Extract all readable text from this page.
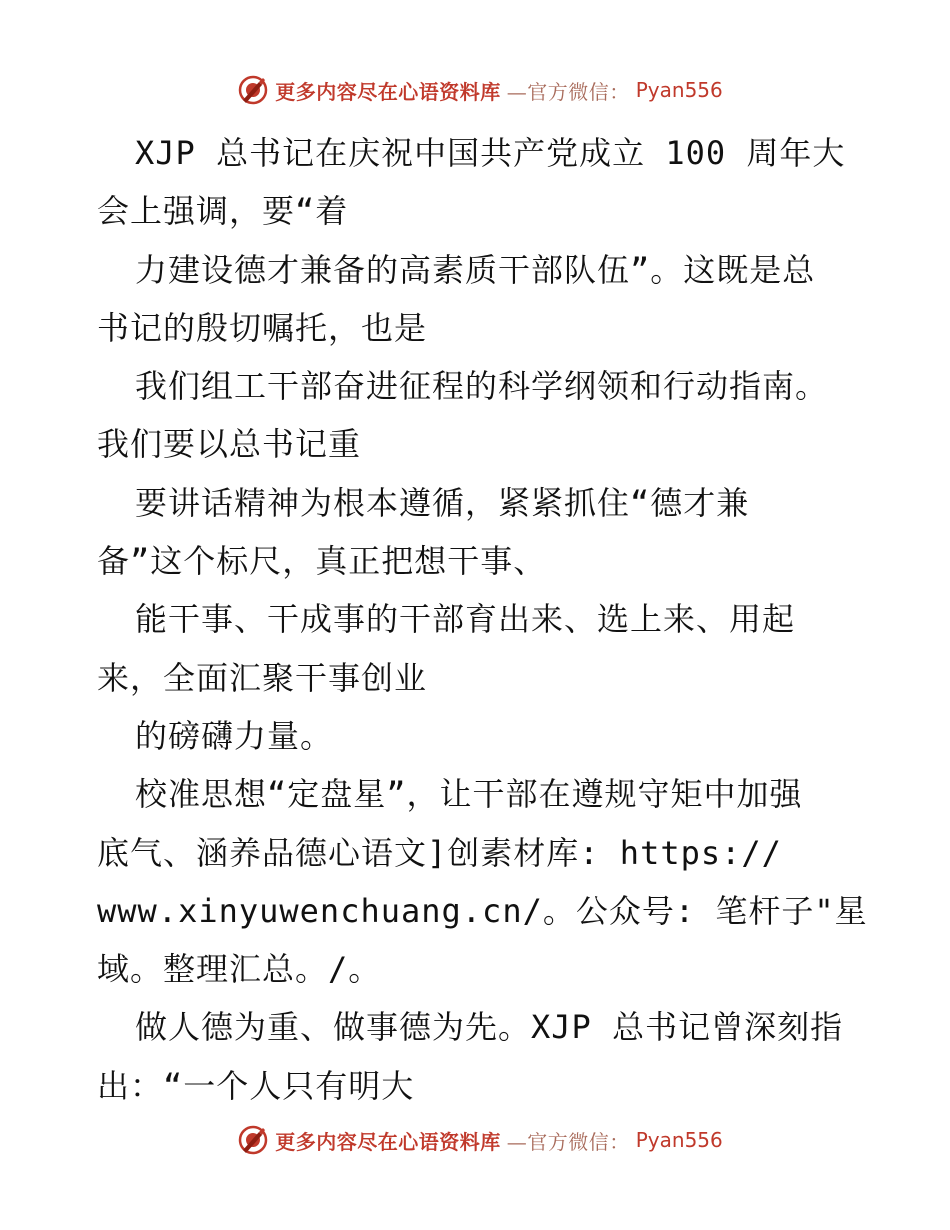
更多内容尽在心语资料库 —官方微信： Pyan556
XJP 总书记在庆祝中国共产党成立 100 周年大
会上强调，要“着
力建设德才兼备的高素质干部队伍”。这既是总
书记的殷切嘱托，也是
我们组工干部奋进征程的科学纲领和行动指南。
我们要以总书记重
要讲话精神为根本遵循，紧紧抓住“德才兼
备”这个标尺，真正把想干事、
能干事、干成事的干部育出来、选上来、用起
来，全面汇聚干事创业
的磅礴力量。
校准思想“定盘星”，让干部在遵规守矩中加强
底气、涵养品德心语文]创素材库: https://
www.xinyuwenchuang.cn/。公众号: 笔杆子"星
域。整理汇总。/。
做人德为重、做事德为先。XJP 总书记曾深刻指
出：“一个人只有明大
更多内容尽在心语资料库 —官方微信： Pyan556
